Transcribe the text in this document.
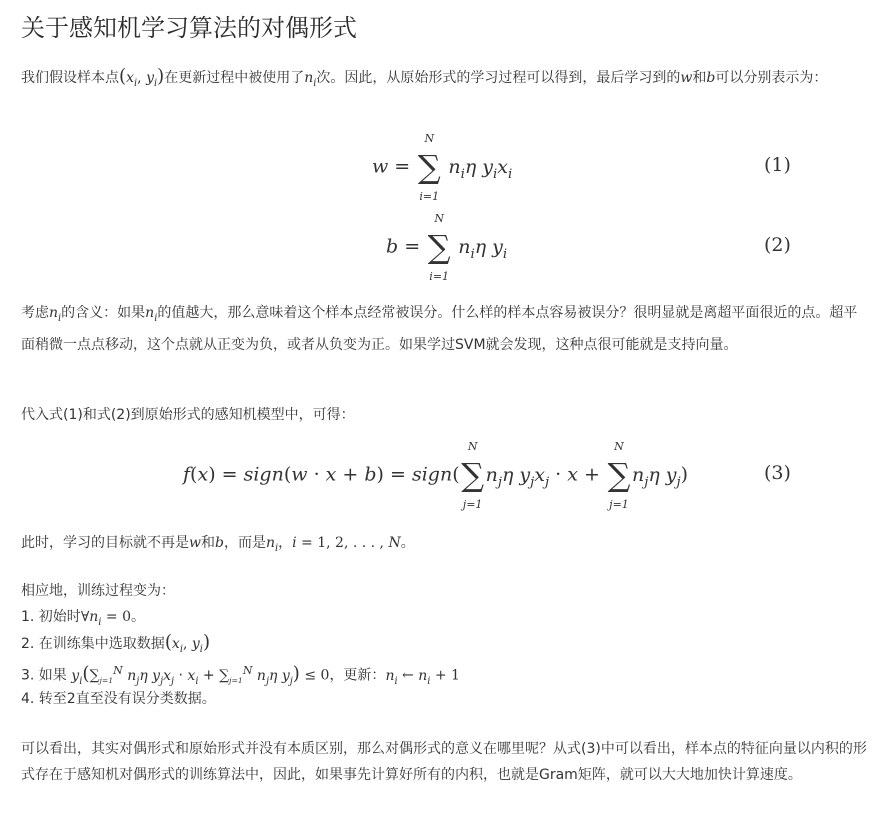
关于感知机学习算法的对偶形式

我们假设样本点($x_i$, $y_i$)在更新过程中被使用了$n_i$次。因此，从原始形式的学习过程可以得到，最后学习到的w和b可以分别表示为：

w =
N
∑
i=1
$n_i\eta$ $y_ix_i$	(1)
b =
N
∑
i=1
$n_i\eta$ $y_i$	(2)

考虑$n_i$的含义：如果$n_i$的值越大，那么意味着这个样本点经常被误分。什么样的样本点容易被误分？很明显就是离超平面很近的点。超平面稍微一点点移动，这个点就从正变为负，或者从负变为正。如果学过SVM就会发现，这种点很可能就是支持向量。

代入式(1)和式(2)到原始形式的感知机模型中，可得：

f(x) = sign(w · x + b) = sign(
N
∑
j=1
$n_j\eta$ $y_jx_j \cdot x$ +
N
∑
j=1
$n_j\eta$ $y_j$)	(3)

此时，学习的目标就不再是w和b，而是$n_i$，i = 1, 2, . . . , N。

相应地，训练过程变为：

1. 初始时$\forall n_i = 0$。

2. 在训练集中选取数据($x_i$, $y_i$)

3. 如果 $y_i(\sum_{j=1}^N$ $n_j\eta$ $y_jx_j \cdot x_i + \sum_{j=1}^N$ $n_j\eta$ $y_j) \le 0$，更新：$n_i$ ← $n_i + 1$

4. 转至2直至没有误分类数据。

可以看出，其实对偶形式和原始形式并没有本质区别，那么对偶形式的意义在哪里呢？从式(3)中可以看出，样本点的特征向量以内积的形式存在于感知机对偶形式的训练算法中，因此，如果事先计算好所有的内积，也就是Gram矩阵，就可以大大地加快计算速度。
